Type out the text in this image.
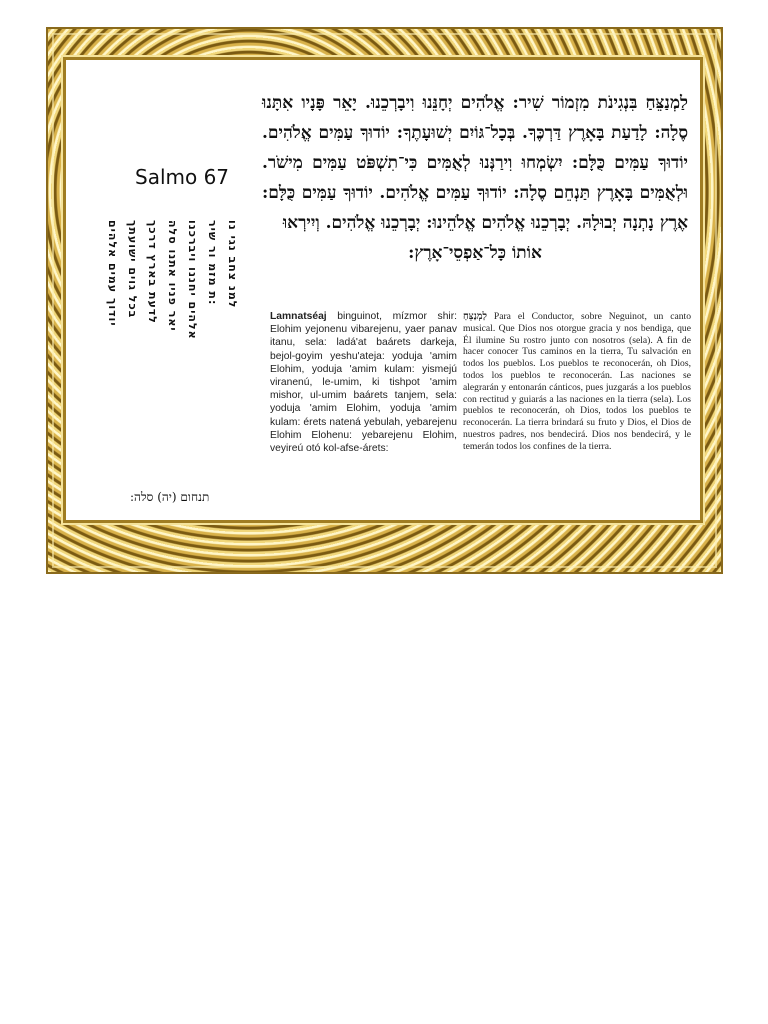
Salmo 67
למנ צחב נגי נו
ת מזמ ור שיר:
אלהים יחננו ויברכנו
יאר פניו אתנו סלה
לדעת בארץ דרכך
בכל גוים ישועתך
יודוך עמים אלהים
תנחום (יה) סלה:

לַמְנַצֵּחַ בִּנְגִינֹת מִזְמוֹר שִׁיר: אֱלֹהִים יְחָנֵּנוּ וִיבָרְכֵנוּ. יָאֵר פָּנָיו אִתָּנוּ סֶלָה: לָדַעַת בָּאָרֶץ דַּרְכֶּךָ. בְּכָל־גּוֹיִם יְשׁוּעָתֶךָ: יוֹדוּךָ עַמִּים אֱלֹהִים. יוֹדוּךָ עַמִּים כֻּלָּם: יִשְׂמְחוּ וִירַנְּנוּ לְאֻמִּים כִּי־תִשְׁפֹּט עַמִּים מִישֹׁר. וּלְאֻמִּים בָּאָרֶץ תַּנְחֵם סֶלָה: יוֹדוּךָ עַמִּים אֱלֹהִים. יוֹדוּךָ עַמִּים כֻּלָּם: אֶרֶץ נָתְנָה יְבוּלָהּ. יְבָרְכֵנוּ אֱלֹהִים אֱלֹהֵינוּ: יְבָרְכֵנוּ אֱלֹהִים. וְיִירְאוּ

אוֹתוֹ כָּל־אַפְסֵי־אָרֶץ:

Lamnatséaj binguinot, mízmor shir: Elohim yejonenu vibarejenu, yaer panav itanu, sela: ladá'at baárets darkeja, bejol-goyim yeshu'ateja: yoduja 'amim Elohim, yoduja 'amim kulam: yismejú viranenú, le-umim, ki tishpot 'amim mishor, ul-umim baárets tanjem, sela: yoduja 'amim Elohim, yoduja 'amim kulam: érets natená yebulah, yebarejenu Elohim Elohenu: yebarejenu Elohim, veyireú otó kol-afse-árets:
לַמְנַצֵּחַ Para el Conductor, sobre Neguinot, un canto musical. Que Dios nos otorgue gracia y nos bendiga, que Él ilumine Su rostro junto con nosotros (sela). A fin de hacer conocer Tus caminos en la tierra, Tu salvación en todos los pueblos. Los pueblos te reconocerán, oh Dios, todos los pueblos te reconocerán. Las naciones se alegrarán y entonarán cánticos, pues juzgarás a los pueblos con rectitud y guiarás a las naciones en la tierra (sela). Los pueblos te reconocerán, oh Dios, todos los pueblos te reconocerán. La tierra brindará su fruto y Dios, el Dios de nuestros padres, nos bendecirá. Dios nos bendecirá, y le temerán todos los confines de la tierra.
